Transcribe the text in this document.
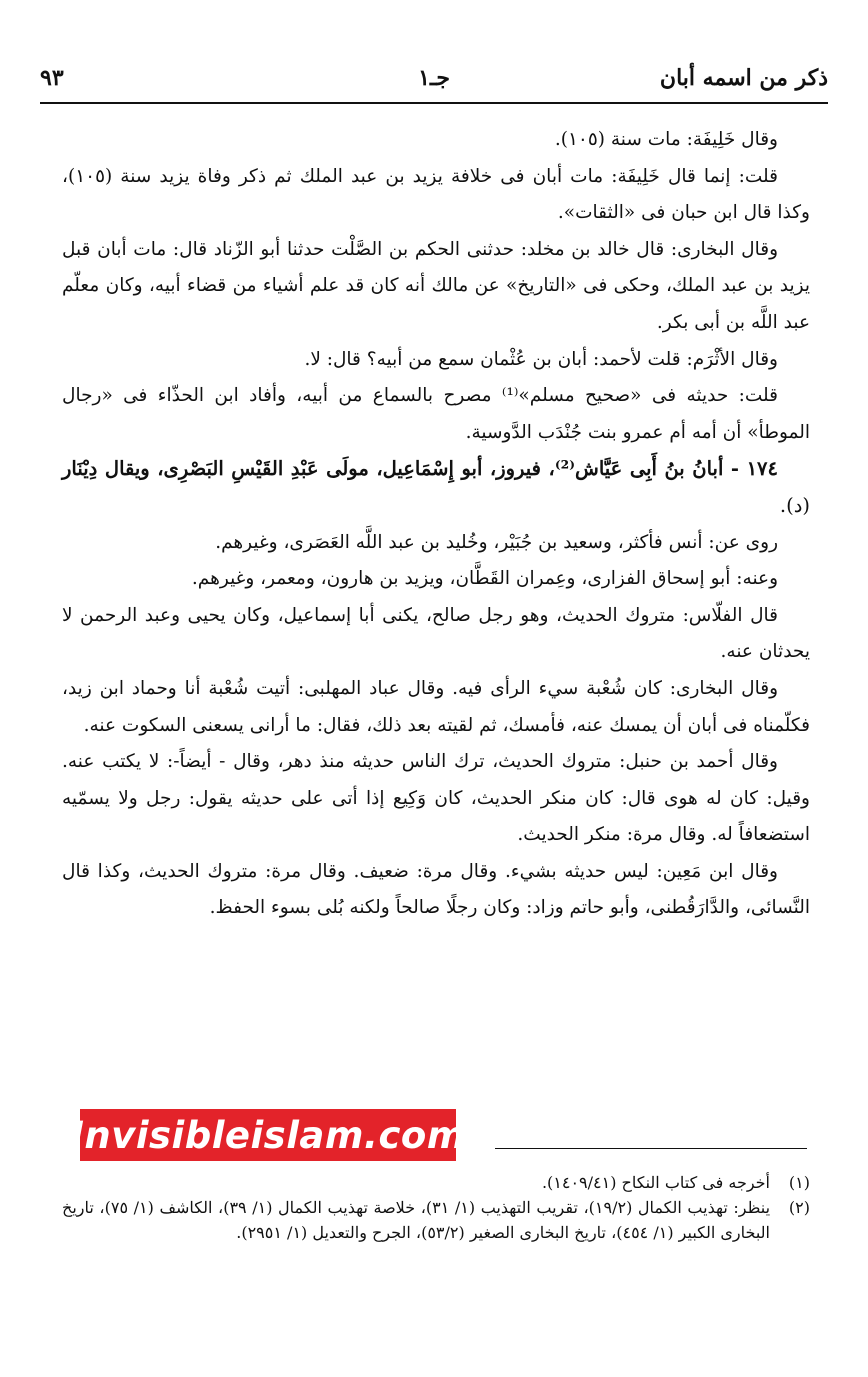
ذكر من اسمه أبان
جـ١
٩٣

وقال خَلِيفَة: مات سنة (١٠٥).

قلت: إنما قال خَلِيفَة: مات أبان فى خلافة يزيد بن عبد الملك ثم ذكر وفاة يزيد سنة (١٠٥)، وكذا قال ابن حبان فى «الثقات».

وقال البخارى: قال خالد بن مخلد: حدثنى الحكم بن الصَّلْت حدثنا أبو الزّناد قال: مات أبان قبل يزيد بن عبد الملك، وحكى فى «التاريخ» عن مالك أنه كان قد علم أشياء من قضاء أبيه، وكان معلّم عبد اللَّه بن أبى بكر.

وقال الأثْرَم: قلت لأحمد: أبان بن عُثْمان سمع من أبيه؟ قال: لا.

قلت: حديثه فى «صحيح مسلم»⁽¹⁾ مصرح بالسماع من أبيه، وأفاد ابن الحذّاء فى «رجال الموطأ» أن أمه أم عمرو بنت جُنْدَب الدَّوسية.

١٧٤ - أبانُ بنُ أَبِى عَيَّاش⁽²⁾، فيروز، أبو إِسْمَاعِيل، مولَى عَبْدِ القَيْسِ البَصْرِى، ويقال دِيْنَار (د).

روى عن: أنس فأكثر، وسعيد بن جُبَيْر، وخُليد بن عبد اللَّه العَصَرى، وغيرهم.

وعنه: أبو إسحاق الفزارى، وعِمران القَطَّان، ويزيد بن هارون، ومعمر، وغيرهم.

قال الفلّاس: متروك الحديث، وهو رجل صالح، يكنى أبا إسماعيل، وكان يحيى وعبد الرحمن لا يحدثان عنه.

وقال البخارى: كان شُعْبة سيء الرأى فيه. وقال عباد المهلبى: أتيت شُعْبة أنا وحماد ابن زيد، فكلّمناه فى أبان أن يمسك عنه، فأمسك، ثم لقيته بعد ذلك، فقال: ما أرانى يسعنى السكوت عنه.

وقال أحمد بن حنبل: متروك الحديث، ترك الناس حديثه منذ دهر، وقال - أيضاً-: لا يكتب عنه. وقيل: كان له هوى قال: كان منكر الحديث، كان وَكِيع إذا أتى على حديثه يقول: رجل ولا يسمّيه استضعافاً له. وقال مرة: منكر الحديث.

وقال ابن مَعِين: ليس حديثه بشيء. وقال مرة: ضعيف. وقال مرة: متروك الحديث، وكذا قال النَّسائى، والدَّارَقُطنى، وأبو حاتم وزاد: وكان رجلًا صالحاً ولكنه بُلى بسوء الحفظ.

Invisibleislam.com

(١)
أخرجه فى كتاب النكاح (١٤٠٩/٤١).

(٢)
ينظر: تهذيب الكمال (١٩/٢)، تقريب التهذيب (١/ ٣١)، خلاصة تهذيب الكمال (١/ ٣٩)، الكاشف (١/ ٧٥)، تاريخ البخارى الكبير (١/ ٤٥٤)، تاريخ البخارى الصغير (٥٣/٢)، الجرح والتعديل (١/ ٢٩٥١).
